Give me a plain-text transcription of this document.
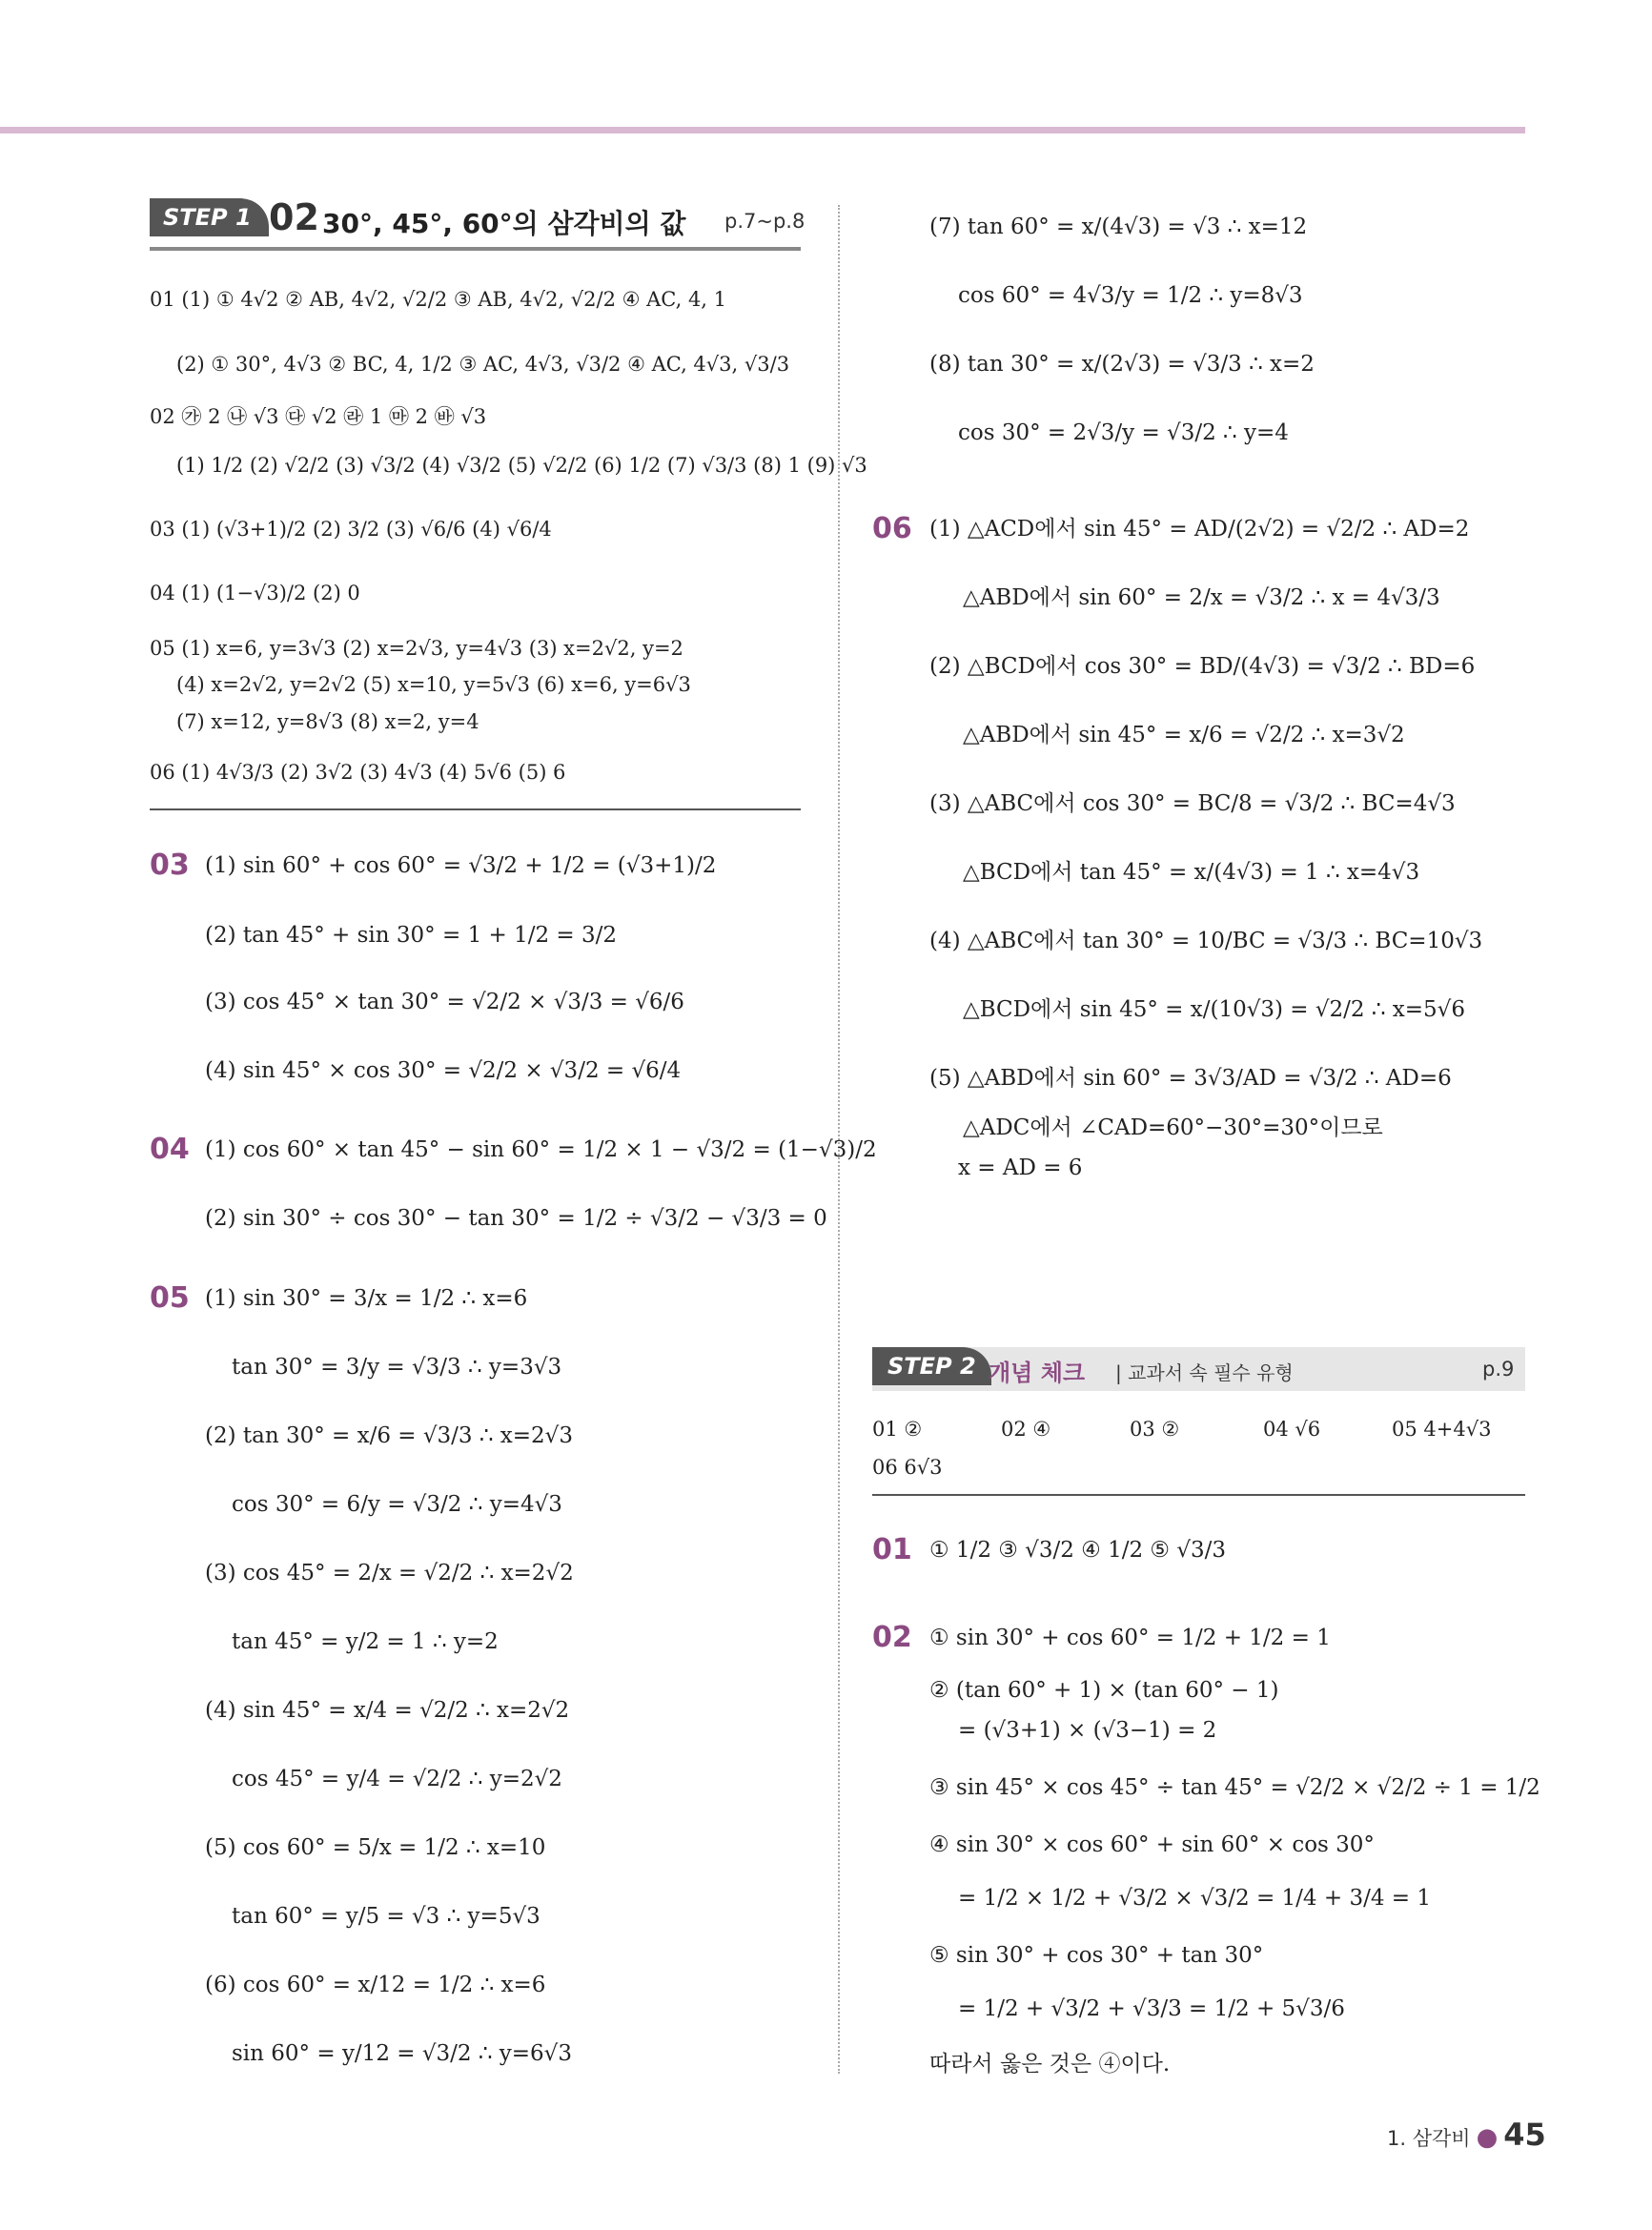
STEP 1 02 30°, 45°, 60°의 삼각비의 값 p.7~p.8
01 (1) ① 4√2 ② AB, 4√2, √2/2 ③ AB, 4√2, √2/2 ④ AC, 4, 1
(2) ① 30°, 4√3 ② BC, 4, 1/2 ③ AC, 4√3, √3/2 ④ AC, 4√3, √3/3
02 ㉮ 2 ㉯ √3 ㉰ √2 ㉱ 1 ㉲ 2 ㉳ √3
(1) 1/2 (2) √2/2 (3) √3/2 (4) √3/2 (5) √2/2 (6) 1/2 (7) √3/3 (8) 1 (9) √3
03 (1) (√3+1)/2 (2) 3/2 (3) √6/6 (4) √6/4
04 (1) (1−√3)/2 (2) 0
05 (1) x=6, y=3√3 (2) x=2√3, y=4√3 (3) x=2√2, y=2
(4) x=2√2, y=2√2 (5) x=10, y=5√3 (6) x=6, y=6√3
(7) x=12, y=8√3 (8) x=2, y=4
06 (1) 4√3/3 (2) 3√2 (3) 4√3 (4) 5√6 (5) 6
03 (1) sin 60° + cos 60° = √3/2 + 1/2 = (√3+1)/2
(2) tan 45° + sin 30° = 1 + 1/2 = 3/2
(3) cos 45° × tan 30° = √2/2 × √3/3 = √6/6
(4) sin 45° × cos 30° = √2/2 × √3/2 = √6/4
04 (1) cos 60° × tan 45° − sin 60° = 1/2 × 1 − √3/2 = (1−√3)/2
(2) sin 30° ÷ cos 30° − tan 30° = 1/2 ÷ √3/2 − √3/3 = 0
05 (1) sin 30° = 3/x = 1/2 ∴ x=6
tan 30° = 3/y = √3/3 ∴ y=3√3
(2) tan 30° = x/6 = √3/3 ∴ x=2√3
cos 30° = 6/y = √3/2 ∴ y=4√3
(3) cos 45° = 2/x = √2/2 ∴ x=2√2
tan 45° = y/2 = 1 ∴ y=2
(4) sin 45° = x/4 = √2/2 ∴ x=2√2
cos 45° = y/4 = √2/2 ∴ y=2√2
(5) cos 60° = 5/x = 1/2 ∴ x=10
tan 60° = y/5 = √3 ∴ y=5√3
(6) cos 60° = x/12 = 1/2 ∴ x=6
sin 60° = y/12 = √3/2 ∴ y=6√3
(7) tan 60° = x/(4√3) = √3 ∴ x=12
cos 60° = 4√3/y = 1/2 ∴ y=8√3
(8) tan 30° = x/(2√3) = √3/3 ∴ x=2
cos 30° = 2√3/y = √3/2 ∴ y=4
06 (1) △ACD에서 sin 45° = AD/(2√2) = √2/2 ∴ AD=2
△ABD에서 sin 60° = 2/x = √3/2 ∴ x = 4√3/3
(2) △BCD에서 cos 30° = BD/(4√3) = √3/2 ∴ BD=6
△ABD에서 sin 45° = x/6 = √2/2 ∴ x=3√2
(3) △ABC에서 cos 30° = BC/8 = √3/2 ∴ BC=4√3
△BCD에서 tan 45° = x/(4√3) = 1 ∴ x=4√3
(4) △ABC에서 tan 30° = 10/BC = √3/3 ∴ BC=10√3
△BCD에서 sin 45° = x/(10√3) = √2/2 ∴ x=5√6
(5) △ABD에서 sin 60° = 3√3/AD = √3/2 ∴ AD=6
△ADC에서 ∠CAD=60°−30°=30°이므로
x = AD = 6
STEP 2 개념 체크 | 교과서 속 필수 유형	p.9
01 ②	02 ④	03 ②	04 √6	05 4+4√3
06 6√3
01 ① 1/2 ③ √3/2 ④ 1/2 ⑤ √3/3
02 ① sin 30° + cos 60° = 1/2 + 1/2 = 1
② (tan 60° + 1) × (tan 60° − 1)
= (√3+1) × (√3−1) = 2
③ sin 45° × cos 45° ÷ tan 45° = √2/2 × √2/2 ÷ 1 = 1/2
④ sin 30° × cos 60° + sin 60° × cos 30°
= 1/2 × 1/2 + √3/2 × √3/2 = 1/4 + 3/4 = 1
⑤ sin 30° + cos 30° + tan 30°
= 1/2 + √3/2 + √3/3 = 1/2 + 5√3/6
따라서 옳은 것은 ④이다.
1. 삼각비 ● 45
